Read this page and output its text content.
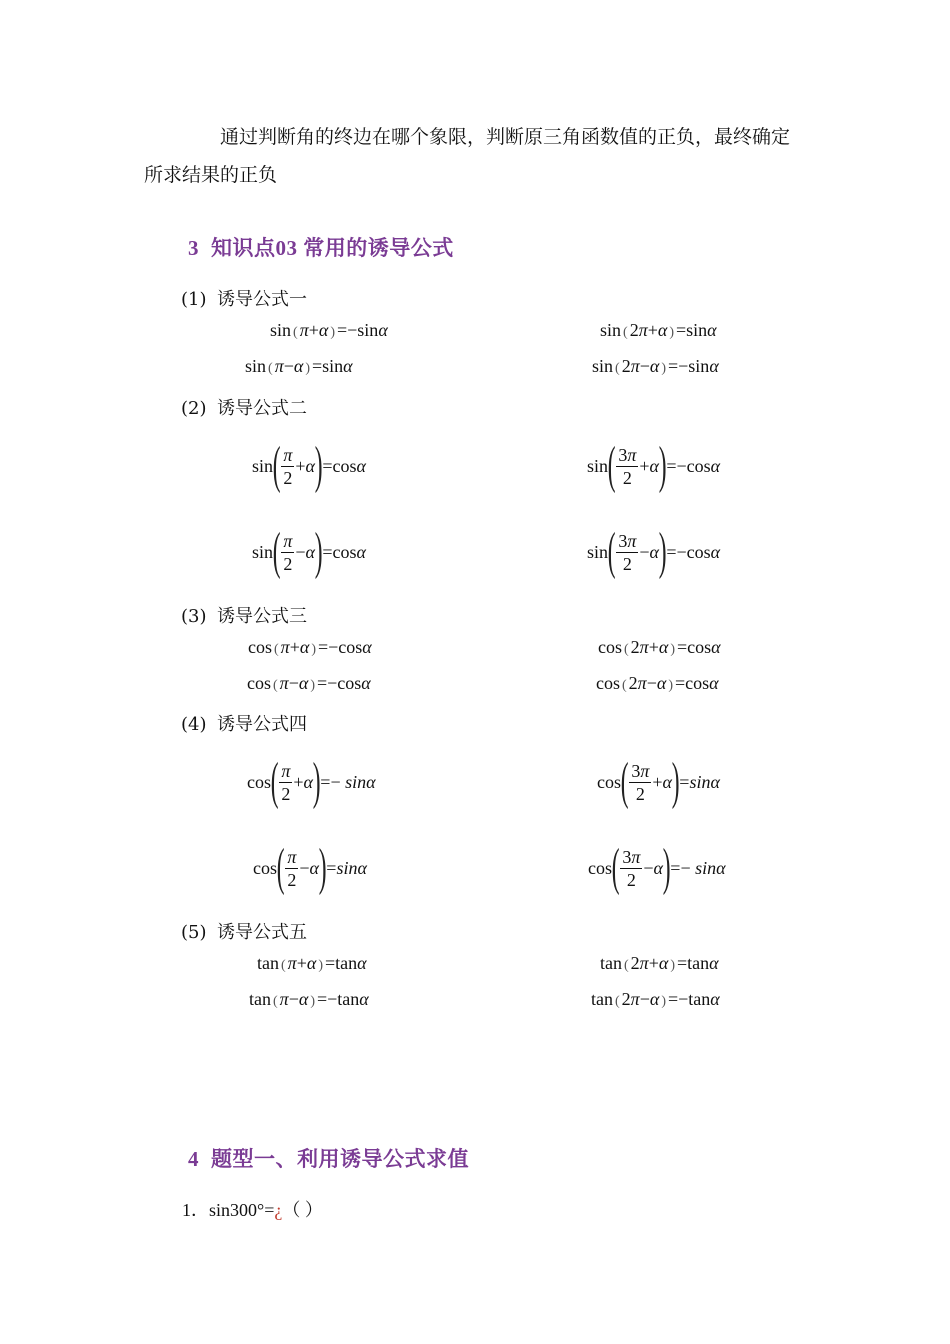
通过判断角的终边在哪个象限，判断原三角函数值的正负，最终确定
所求结果的正负
3 知识点03 常用的诱导公式
(1) 诱导公式一
sin ( π+α ) =−sinα	sin ( 2π+α ) =sinα
sin ( π−α ) =sinα	sin ( 2π−α ) =−sinα
(2) 诱导公式二
sin ( $\frac{\pi}{2} + \alpha$ ) =cos α	sin ( $\frac{3\pi}{2} + \alpha$ ) =−cos α
sin ( $\frac{\pi}{2} - \alpha$ ) =cos α	sin ( $\frac{3\pi}{2} - \alpha$ ) =−cos α
(3) 诱导公式三
cos ( π+α ) =−cosα	cos ( 2π+α ) =cosα
cos ( π−α ) =−cosα	cos ( 2π−α ) =cosα
(4) 诱导公式四
cos ( $\frac{\pi}{2} + \alpha$ ) =− sinα	cos ( $\frac{3\pi}{2} + \alpha$ ) = sinα
cos ( $\frac{\pi}{2} - \alpha$ ) = sinα	cos ( $\frac{3\pi}{2} - \alpha$ ) =− sinα
(5) 诱导公式五
tan ( π+α ) =tanα	tan ( 2π+α ) =tanα
tan ( π−α ) =−tanα	tan ( 2π−α ) =−tanα
4 题型一、利用诱导公式求值
1．sin300°=¿（ ）
